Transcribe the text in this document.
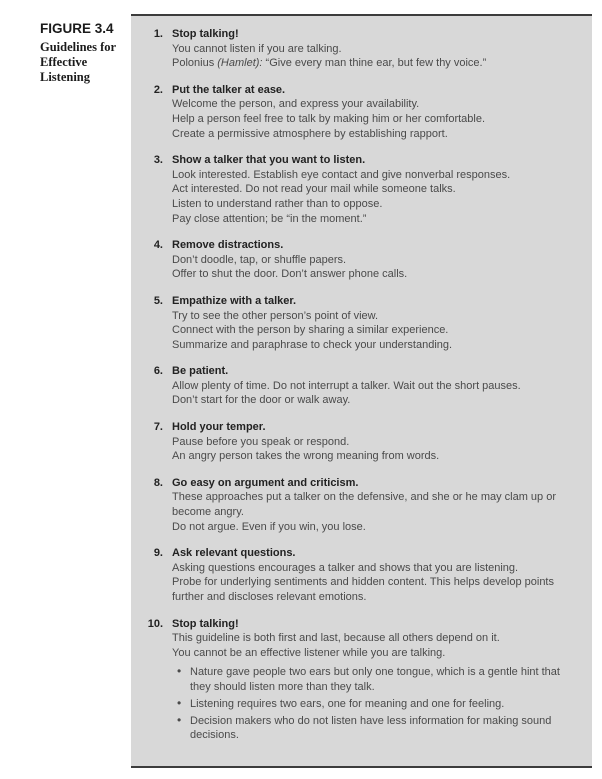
FIGURE 3.4
Guidelines for
Effective Listening
1. Stop talking!
You cannot listen if you are talking.
Polonius (Hamlet): “Give every man thine ear, but few thy voice.”
2. Put the talker at ease.
Welcome the person, and express your availability.
Help a person feel free to talk by making him or her comfortable.
Create a permissive atmosphere by establishing rapport.
3. Show a talker that you want to listen.
Look interested. Establish eye contact and give nonverbal responses.
Act interested. Do not read your mail while someone talks.
Listen to understand rather than to oppose.
Pay close attention; be “in the moment.”
4. Remove distractions.
Don’t doodle, tap, or shuffle papers.
Offer to shut the door. Don’t answer phone calls.
5. Empathize with a talker.
Try to see the other person’s point of view.
Connect with the person by sharing a similar experience.
Summarize and paraphrase to check your understanding.
6. Be patient.
Allow plenty of time. Do not interrupt a talker. Wait out the short pauses.
Don’t start for the door or walk away.
7. Hold your temper.
Pause before you speak or respond.
An angry person takes the wrong meaning from words.
8. Go easy on argument and criticism.
These approaches put a talker on the defensive, and she or he may clam up or become angry.
Do not argue. Even if you win, you lose.
9. Ask relevant questions.
Asking questions encourages a talker and shows that you are listening.
Probe for underlying sentiments and hidden content. This helps develop points further and discloses relevant emotions.
10. Stop talking!
This guideline is both first and last, because all others depend on it.
You cannot be an effective listener while you are talking.
• Nature gave people two ears but only one tongue, which is a gentle hint that they should listen more than they talk.
• Listening requires two ears, one for meaning and one for feeling.
• Decision makers who do not listen have less information for making sound decisions.
